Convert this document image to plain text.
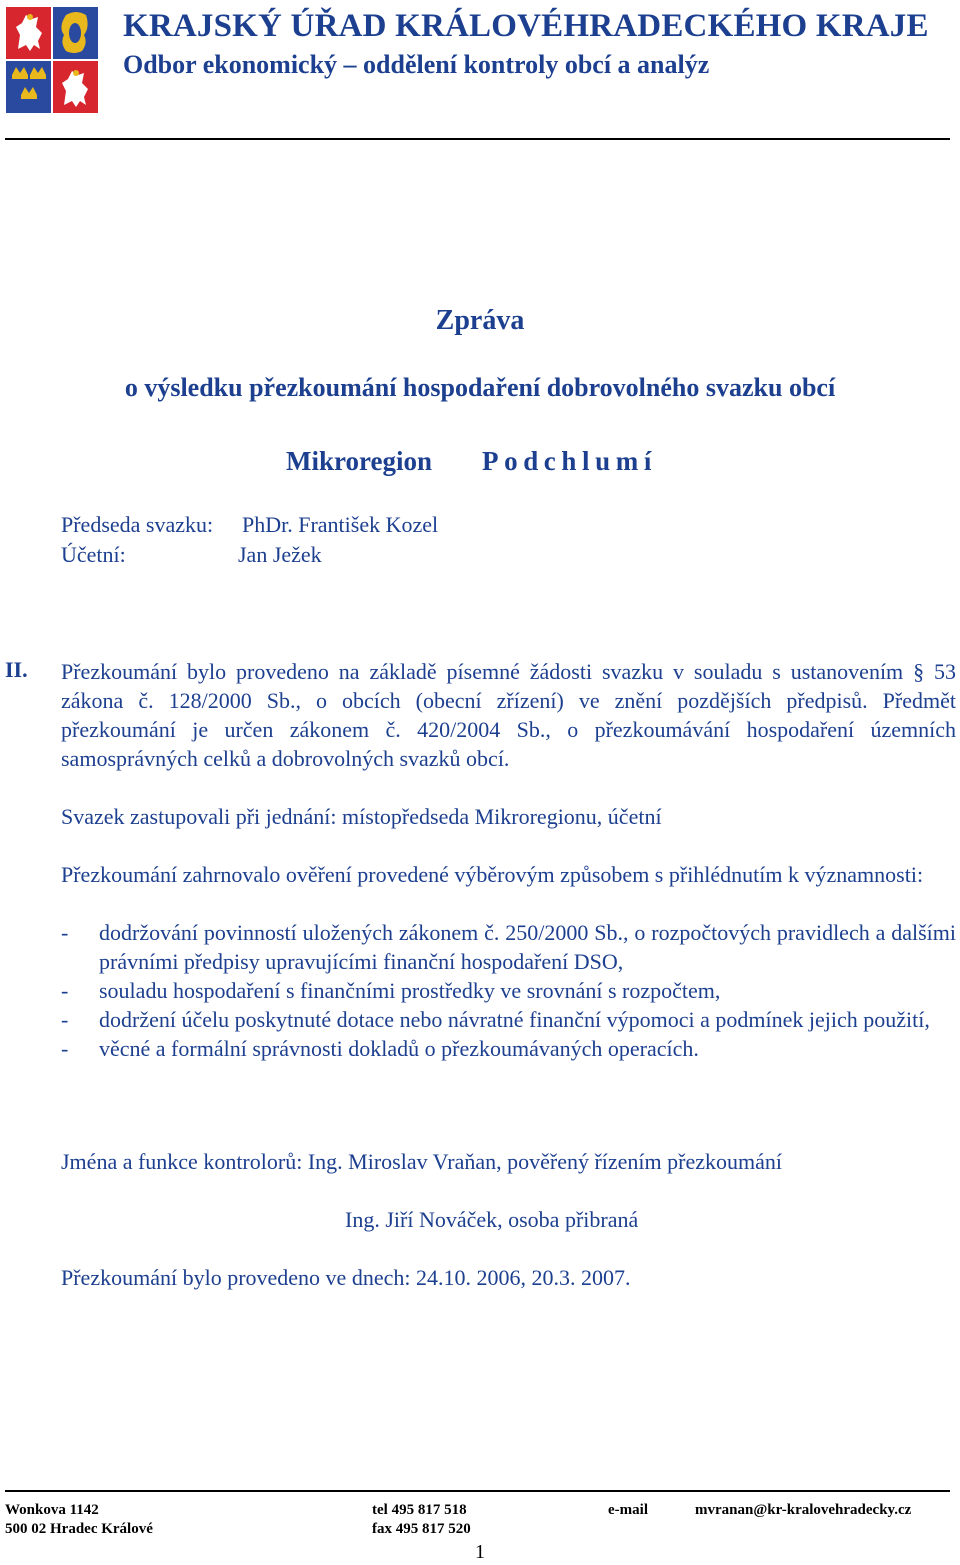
KRAJSKÝ ÚŘAD KRÁLOVÉHRADECKÉHO KRAJE
Odbor ekonomický – oddělení kontroly obcí a analýz
Zpráva
o výsledku přezkoumání hospodaření dobrovolného svazku obcí
Mikroregion Podchlumí
Předseda svazku: PhDr. František Kozel
Účetní:	Jan Ježek
II. Přezkoumání bylo provedeno na základě písemné žádosti svazku v souladu s ustanovením § 53 zákona č. 128/2000 Sb., o obcích (obecní zřízení) ve znění pozdějších předpisů. Předmět přezkoumání je určen zákonem č. 420/2004 Sb., o přezkoumávání hospodaření územních samosprávných celků a dobrovolných svazků obcí.
Svazek zastupovali při jednání: místopředseda Mikroregionu, účetní
Přezkoumání zahrnovalo ověření provedené výběrovým způsobem s přihlédnutím k významnosti:
- dodržování povinností uložených zákonem č. 250/2000 Sb., o rozpočtových pravidlech a dalšími právními předpisy upravujícími finanční hospodaření DSO,
- souladu hospodaření s finančními prostředky ve srovnání s rozpočtem,
- dodržení účelu poskytnuté dotace nebo návratné finanční výpomoci a podmínek jejich použití,
- věcné a formální správnosti dokladů o přezkoumávaných operacích.
Jména a funkce kontrolorů: Ing. Miroslav Vraňan, pověřený řízením přezkoumání
Ing. Jiří Nováček, osoba přibraná
Přezkoumání bylo provedeno ve dnech: 24.10. 2006, 20.3. 2007.
Wonkova 1142
500 02 Hradec Králové
tel 495 817 518
fax 495 817 520
e-mail	mvranan@kr-kralovehradecky.cz
1
